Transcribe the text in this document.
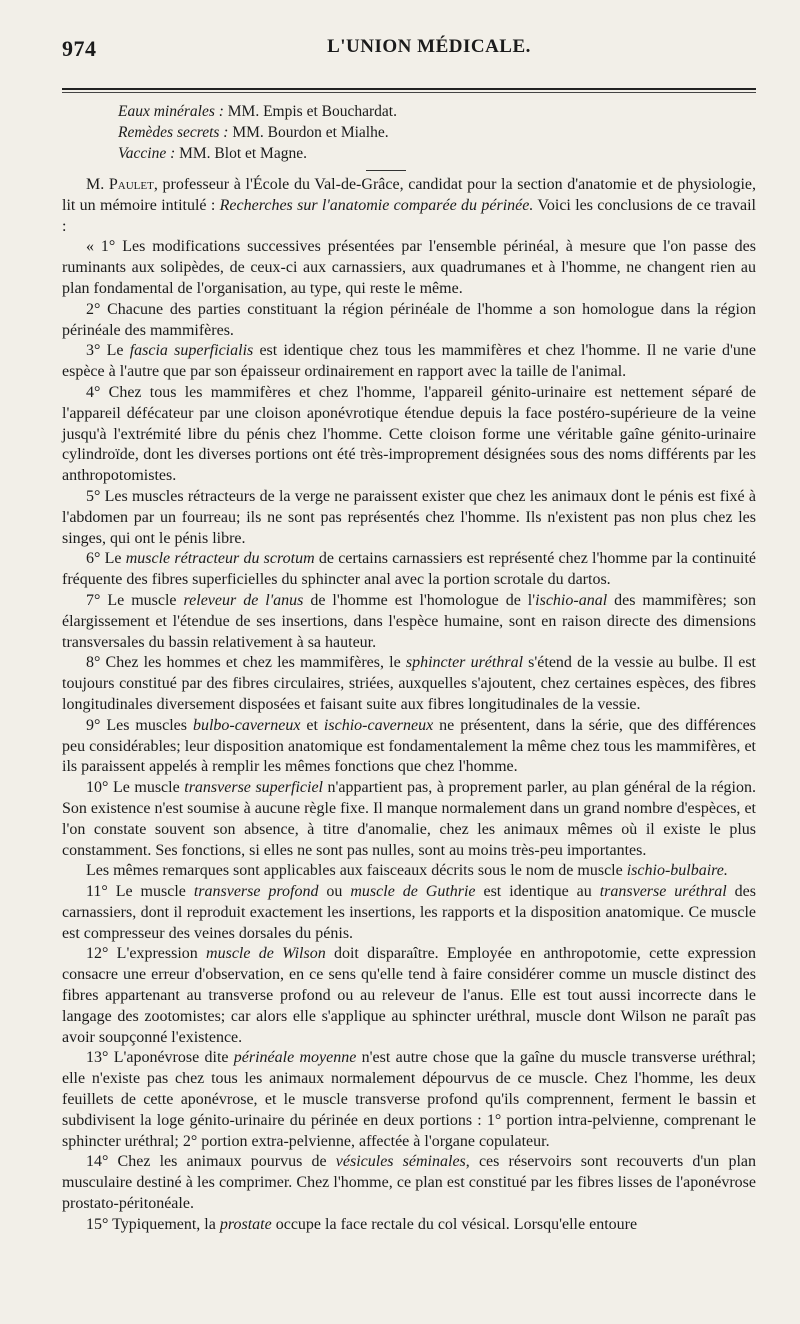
974	L'UNION MÉDICALE.
Eaux minérales : MM. Empis et Bouchardat.
Remèdes secrets : MM. Bourdon et Mialhe.
Vaccine : MM. Blot et Magne.

M. Paulet, professeur à l'École du Val-de-Grâce, candidat pour la section d'anatomie et de physiologie, lit un mémoire intitulé : Recherches sur l'anatomie comparée du périnée. Voici les conclusions de ce travail :

« 1° Les modifications successives présentées par l'ensemble périnéal, à mesure que l'on passe des ruminants aux solipèdes, de ceux-ci aux carnassiers, aux quadrumanes et à l'homme, ne changent rien au plan fondamental de l'organisation, au type, qui reste le même.

2° Chacune des parties constituant la région périnéale de l'homme a son homologue dans la région périnéale des mammifères.

3° Le fascia superficialis est identique chez tous les mammifères et chez l'homme. Il ne varie d'une espèce à l'autre que par son épaisseur ordinairement en rapport avec la taille de l'animal.

4° Chez tous les mammifères et chez l'homme, l'appareil génito-urinaire est nettement séparé de l'appareil défécateur par une cloison aponévrotique étendue depuis la face postéro-supérieure de la veine jusqu'à l'extrémité libre du pénis chez l'homme. Cette cloison forme une véritable gaîne génito-urinaire cylindroïde, dont les diverses portions ont été très-improprement désignées sous des noms différents par les anthropotomistes.

5° Les muscles rétracteurs de la verge ne paraissent exister que chez les animaux dont le pénis est fixé à l'abdomen par un fourreau; ils ne sont pas représentés chez l'homme. Ils n'existent pas non plus chez les singes, qui ont le pénis libre.

6° Le muscle rétracteur du scrotum de certains carnassiers est représenté chez l'homme par la continuité fréquente des fibres superficielles du sphincter anal avec la portion scrotale du dartos.

7° Le muscle releveur de l'anus de l'homme est l'homologue de l'ischio-anal des mammifères; son élargissement et l'étendue de ses insertions, dans l'espèce humaine, sont en raison directe des dimensions transversales du bassin relativement à sa hauteur.

8° Chez les hommes et chez les mammifères, le sphincter uréthral s'étend de la vessie au bulbe. Il est toujours constitué par des fibres circulaires, striées, auxquelles s'ajoutent, chez certaines espèces, des fibres longitudinales diversement disposées et faisant suite aux fibres longitudinales de la vessie.

9° Les muscles bulbo-caverneux et ischio-caverneux ne présentent, dans la série, que des différences peu considérables; leur disposition anatomique est fondamentalement la même chez tous les mammifères, et ils paraissent appelés à remplir les mêmes fonctions que chez l'homme.

10° Le muscle transverse superficiel n'appartient pas, à proprement parler, au plan général de la région. Son existence n'est soumise à aucune règle fixe. Il manque normalement dans un grand nombre d'espèces, et l'on constate souvent son absence, à titre d'anomalie, chez les animaux mêmes où il existe le plus constamment. Ses fonctions, si elles ne sont pas nulles, sont au moins très-peu importantes.

Les mêmes remarques sont applicables aux faisceaux décrits sous le nom de muscle ischio-bulbaire.

11° Le muscle transverse profond ou muscle de Guthrie est identique au transverse uréthral des carnassiers, dont il reproduit exactement les insertions, les rapports et la disposition anatomique. Ce muscle est compresseur des veines dorsales du pénis.

12° L'expression muscle de Wilson doit disparaître. Employée en anthropotomie, cette expression consacre une erreur d'observation, en ce sens qu'elle tend à faire considérer comme un muscle distinct des fibres appartenant au transverse profond ou au releveur de l'anus. Elle est tout aussi incorrecte dans le langage des zootomistes; car alors elle s'applique au sphincter uréthral, muscle dont Wilson ne paraît pas avoir soupçonné l'existence.

13° L'aponévrose dite périnéale moyenne n'est autre chose que la gaîne du muscle transverse uréthral; elle n'existe pas chez tous les animaux normalement dépourvus de ce muscle. Chez l'homme, les deux feuillets de cette aponévrose, et le muscle transverse profond qu'ils comprennent, ferment le bassin et subdivisent la loge génito-urinaire du périnée en deux portions : 1° portion intra-pelvienne, comprenant le sphincter uréthral; 2° portion extra-pelvienne, affectée à l'organe copulateur.

14° Chez les animaux pourvus de vésicules séminales, ces réservoirs sont recouverts d'un plan musculaire destiné à les comprimer. Chez l'homme, ce plan est constitué par les fibres lisses de l'aponévrose prostato-péritonéale.

15° Typiquement, la prostate occupe la face rectale du col vésical. Lorsqu'elle entoure
